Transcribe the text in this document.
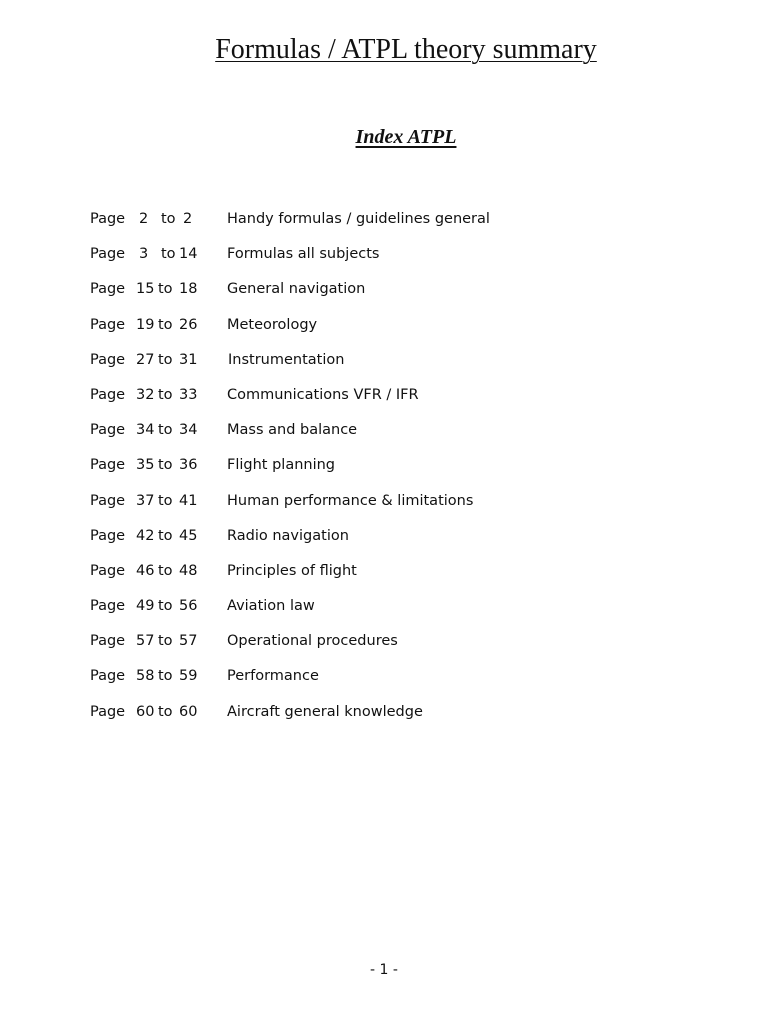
Formulas / ATPL theory summary
Index ATPL
Page 2 to 2 Handy formulas / guidelines general
Page 3 to 14 Formulas all subjects
Page 15 to 18 General navigation
Page 19 to 26 Meteorology
Page 27 to 31 Instrumentation
Page 32 to 33 Communications VFR / IFR
Page 34 to 34 Mass and balance
Page 35 to 36 Flight planning
Page 37 to 41 Human performance & limitations
Page 42 to 45 Radio navigation
Page 46 to 48 Principles of flight
Page 49 to 56 Aviation law
Page 57 to 57 Operational procedures
Page 58 to 59 Performance
Page 60 to 60 Aircraft general knowledge
- 1 -
